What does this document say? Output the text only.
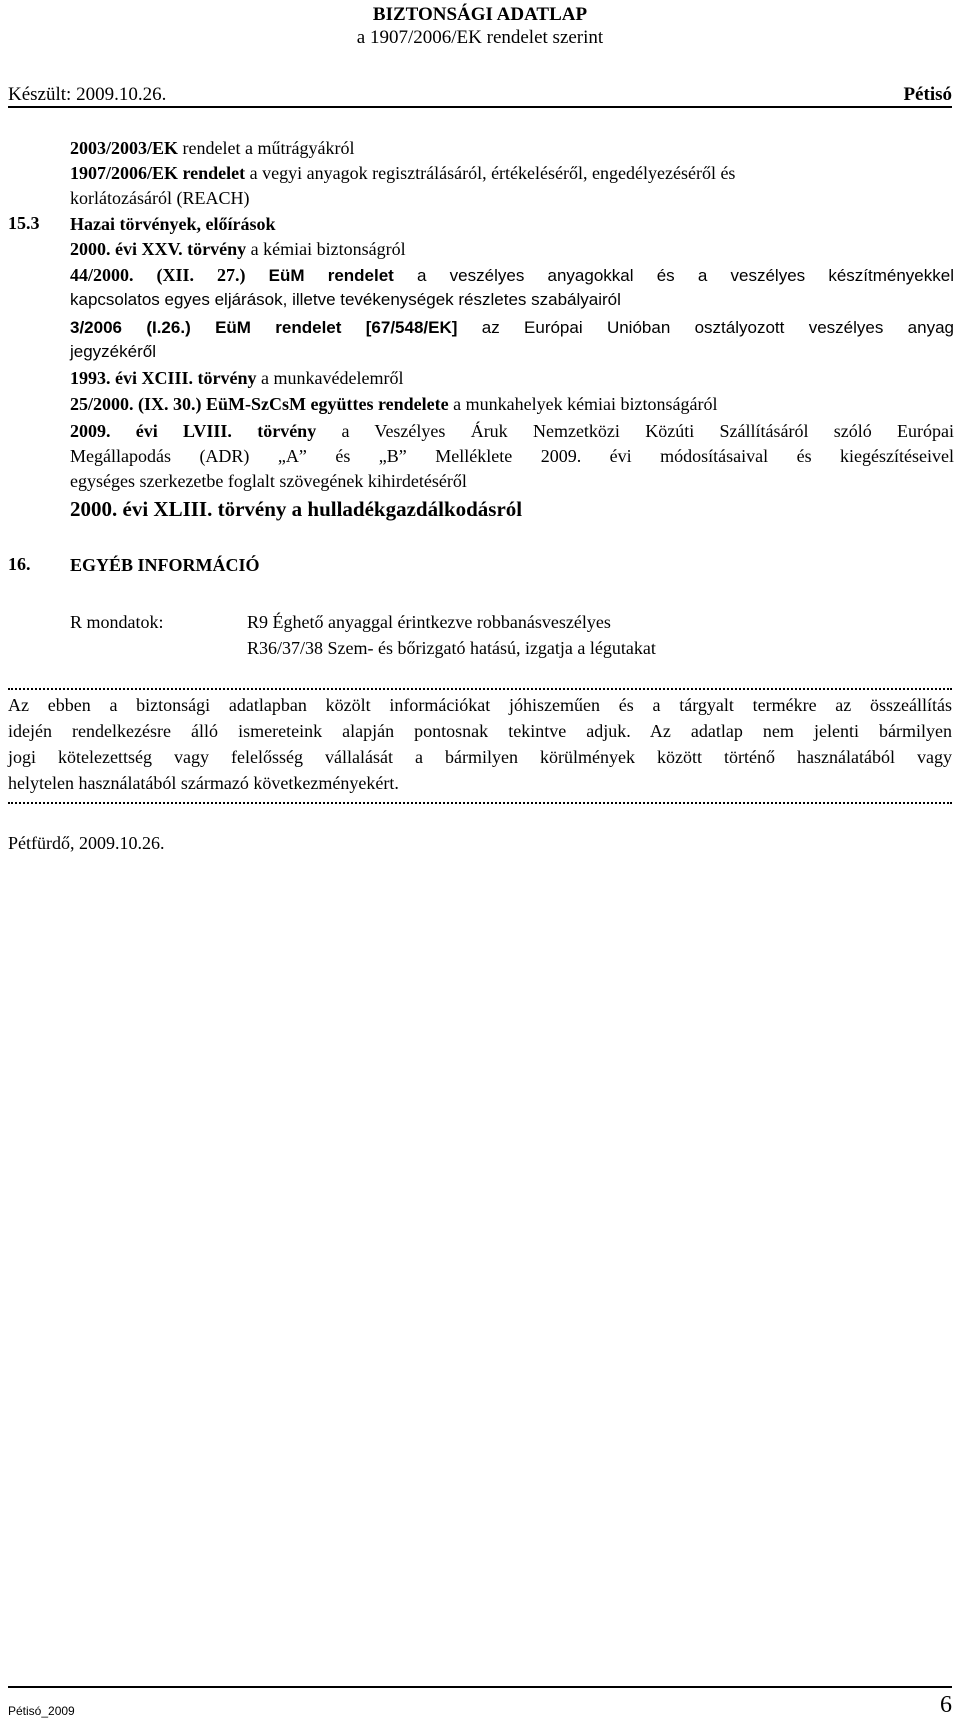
BIZTONSÁGI ADATLAP
a 1907/2006/EK rendelet szerint
Készült: 2009.10.26.	Pétisó
2003/2003/EK rendelet a műtrágyákról
1907/2006/EK rendelet a vegyi anyagok regisztrálásáról, értékeléséről, engedélyezéséről és
korlátozásáról (REACH)
15.3 Hazai törvények, előírások
2000. évi XXV. törvény a kémiai biztonságról
44/2000. (XII. 27.) EüM rendelet a veszélyes anyagokkal és a veszélyes készítményekkel
kapcsolatos egyes eljárások, illetve tevékenységek részletes szabályairól
3/2006 (I.26.) EüM rendelet [67/548/EK] az Európai Unióban osztályozott veszélyes anyag
jegyzékéről
1993. évi XCIII. törvény a munkavédelemről
25/2000. (IX. 30.) EüM-SzCsM együttes rendelete a munkahelyek kémiai biztonságáról
2009. évi LVIII. törvény a Veszélyes Áruk Nemzetközi Közúti Szállításáról szóló Európai
Megállapodás (ADR) „A” és „B” Melléklete 2009. évi módosításaival és kiegészítéseivel
egységes szerkezetbe foglalt szövegének kihirdetéséről
2000. évi XLIII. törvény a hulladékgazdálkodásról
16. EGYÉB INFORMÁCIÓ
R mondatok:	R9 Éghető anyaggal érintkezve robbanásveszélyes
R36/37/38 Szem- és bőrizgató hatású, izgatja a légutakat
Az ebben a biztonsági adatlapban közölt információkat jóhiszeműen és a tárgyalt termékre az összeállítás
idején rendelkezésre álló ismereteink alapján pontosnak tekintve adjuk. Az adatlap nem jelenti bármilyen
jogi kötelezettség vagy felelősség vállalását a bármilyen körülmények között történő használatából vagy
helytelen használatából származó következményekért.
Pétfürdő, 2009.10.26.
Pétisó_2009	6
